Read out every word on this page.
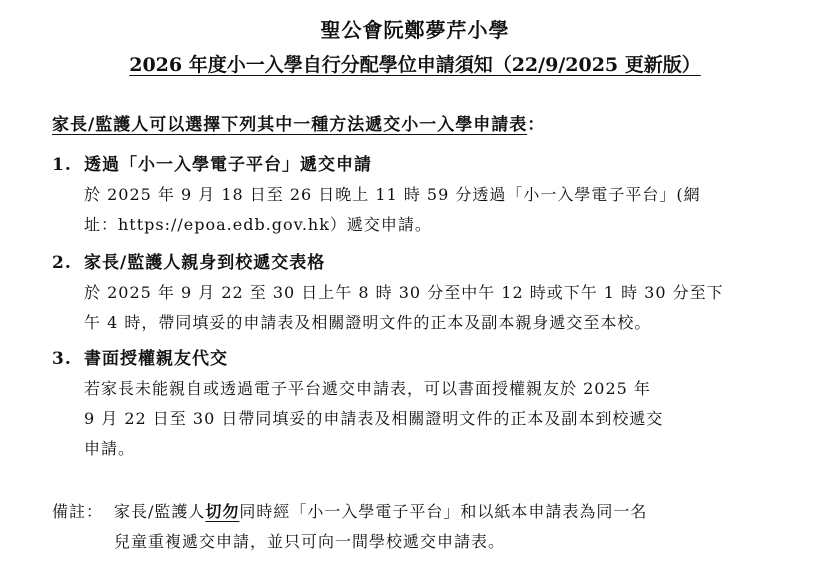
聖公會阮鄭夢芹小學
2026 年度小一入學自行分配學位申請須知（22/9/2025 更新版）
家長/監護人可以選擇下列其中一種方法遞交小一入學申請表：
1. 透過「小一入學電子平台」遞交申請
於 2025 年 9 月 18 日至 26 日晚上 11 時 59 分透過「小一入學電子平台」(網
址：https://epoa.edb.gov.hk）遞交申請。
2. 家長/監護人親身到校遞交表格
於 2025 年 9 月 22 至 30 日上午 8 時 30 分至中午 12 時或下午 1 時 30 分至下
午 4 時，帶同填妥的申請表及相關證明文件的正本及副本親身遞交至本校。
3. 書面授權親友代交
若家長未能親自或透過電子平台遞交申請表，可以書面授權親友於 2025 年
9 月 22 日至 30 日帶同填妥的申請表及相關證明文件的正本及副本到校遞交
申請。
備註： 家長/監護人切勿同時經「小一入學電子平台」和以紙本申請表為同一名
兒童重複遞交申請，並只可向一間學校遞交申請表。
